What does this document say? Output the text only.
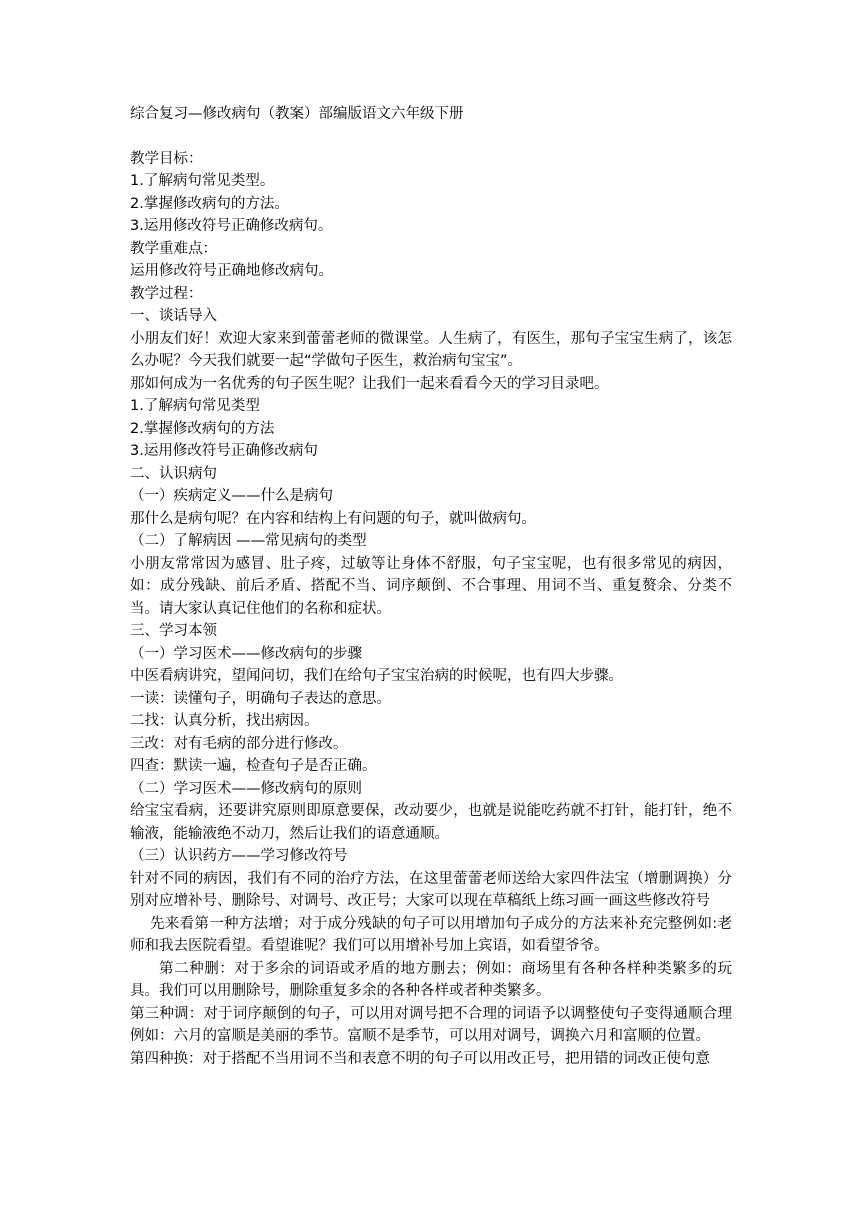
综合复习—修改病句（教案）部编版语文六年级下册

教学目标：

1.了解病句常见类型。

2.掌握修改病句的方法。

3.运用修改符号正确修改病句。

教学重难点：

运用修改符号正确地修改病句。

教学过程：

一、谈话导入

小朋友们好！欢迎大家来到蕾蕾老师的微课堂。人生病了，有医生，那句子宝宝生病了，该怎么办呢？今天我们就要一起“学做句子医生，救治病句宝宝”。

那如何成为一名优秀的句子医生呢？让我们一起来看看今天的学习目录吧。

1.了解病句常见类型

2.掌握修改病句的方法

3.运用修改符号正确修改病句

二、认识病句

（一）疾病定义——什么是病句

那什么是病句呢？在内容和结构上有问题的句子，就叫做病句。

（二）了解病因 ——常见病句的类型

小朋友常常因为感冒、肚子疼，过敏等让身体不舒服，句子宝宝呢，也有很多常见的病因，如：成分残缺、前后矛盾、搭配不当、词序颠倒、不合事理、用词不当、重复赘余、分类不当。请大家认真记住他们的名称和症状。

三、学习本领

（一）学习医术——修改病句的步骤

中医看病讲究，望闻问切，我们在给句子宝宝治病的时候呢，也有四大步骤。

一读：读懂句子，明确句子表达的意思。

二找：认真分析，找出病因。

三改：对有毛病的部分进行修改。

四查：默读一遍，检查句子是否正确。

（二）学习医术——修改病句的原则

给宝宝看病，还要讲究原则即原意要保，改动要少，也就是说能吃药就不打针，能打针，绝不输液，能输液绝不动刀，然后让我们的语意通顺。

（三）认识药方——学习修改符号

针对不同的病因，我们有不同的治疗方法，在这里蕾蕾老师送给大家四件法宝（增删调换）分别对应增补号、删除号、对调号、改正号；大家可以现在草稿纸上练习画一画这些修改符号

先来看第一种方法增；对于成分残缺的句子可以用增加句子成分的方法来补充完整例如:老师和我去医院看望。看望谁呢？我们可以用增补号加上宾语，如看望爷爷。

第二种删：对于多余的词语或矛盾的地方删去；例如：商场里有各种各样种类繁多的玩具。我们可以用删除号，删除重复多余的各种各样或者种类繁多。

第三种调：对于词序颠倒的句子，可以用对调号把不合理的词语予以调整使句子变得通顺合理例如：六月的富顺是美丽的季节。富顺不是季节，可以用对调号，调换六月和富顺的位置。

第四种换：对于搭配不当用词不当和表意不明的句子可以用改正号，把用错的词改正使句意
